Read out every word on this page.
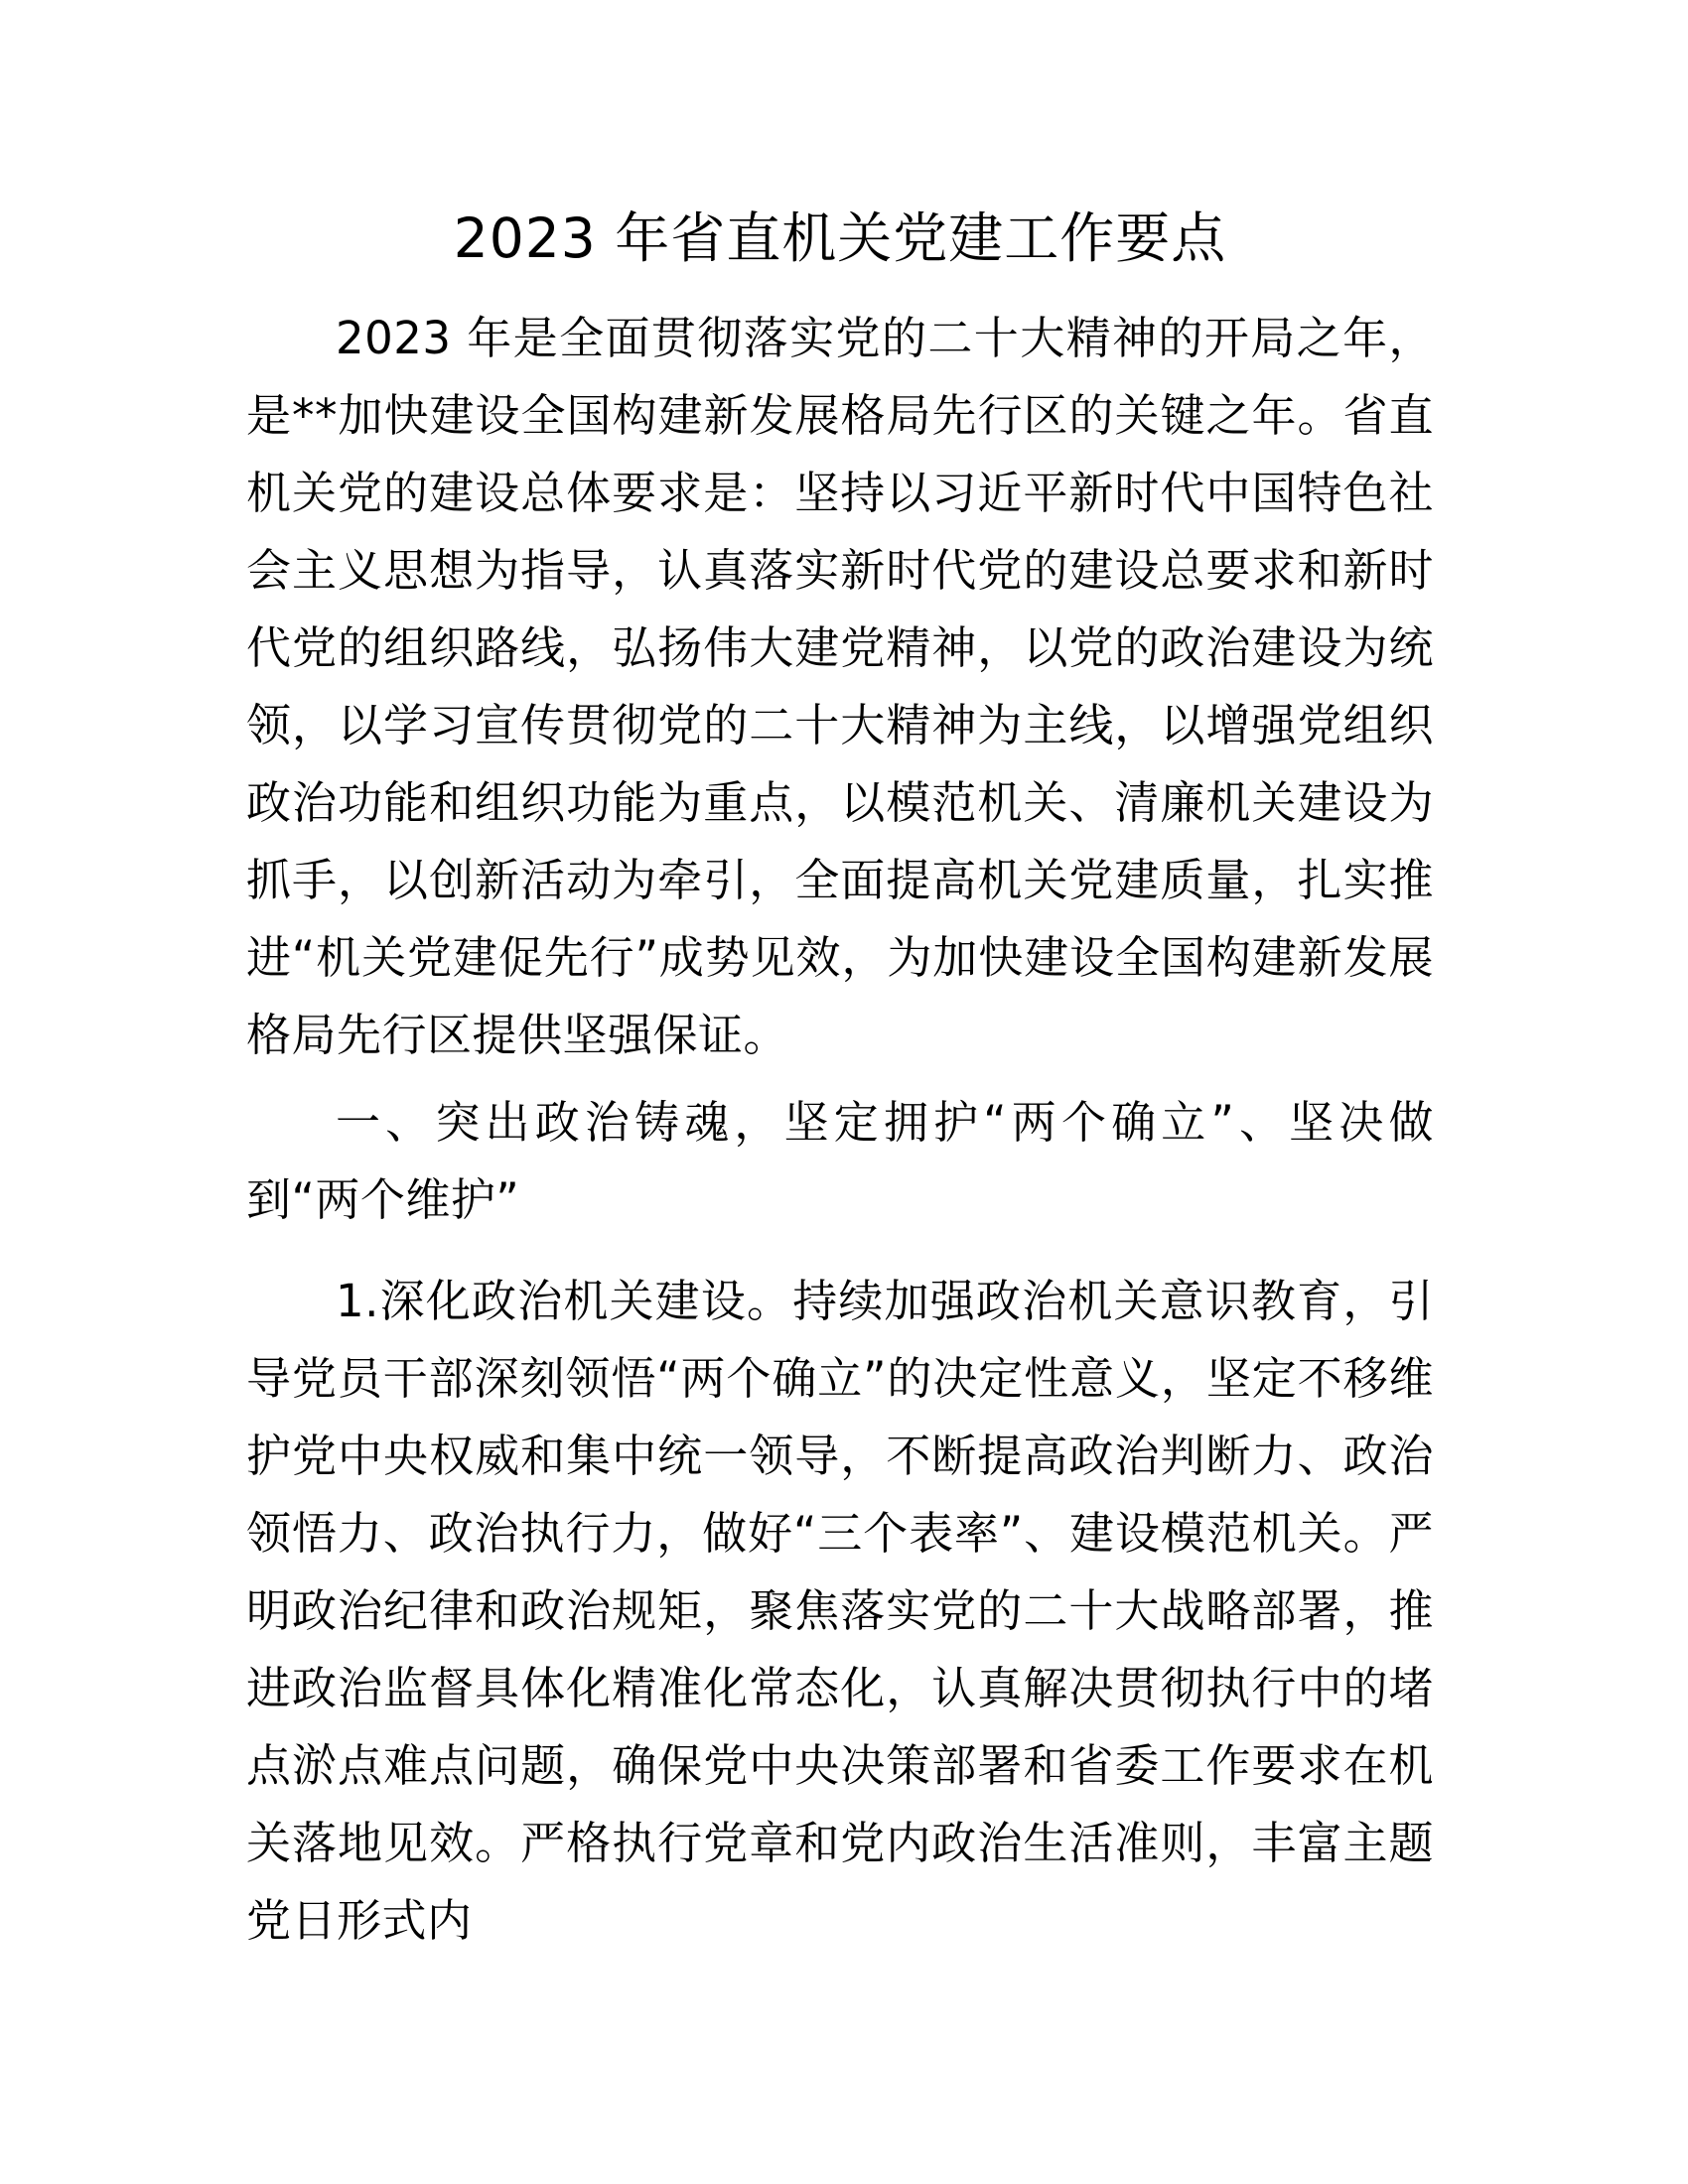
2023 年省直机关党建工作要点

2023 年是全面贯彻落实党的二十大精神的开局之年，是**加快建设全国构建新发展格局先行区的关键之年。省直机关党的建设总体要求是：坚持以习近平新时代中国特色社会主义思想为指导，认真落实新时代党的建设总要求和新时代党的组织路线，弘扬伟大建党精神，以党的政治建设为统领，以学习宣传贯彻党的二十大精神为主线，以增强党组织政治功能和组织功能为重点，以模范机关、清廉机关建设为抓手，以创新活动为牵引，全面提高机关党建质量，扎实推进“机关党建促先行”成势见效，为加快建设全国构建新发展格局先行区提供坚强保证。

一、突出政治铸魂，坚定拥护“两个确立”、坚决做到“两个维护”

1.深化政治机关建设。持续加强政治机关意识教育，引导党员干部深刻领悟“两个确立”的决定性意义，坚定不移维护党中央权威和集中统一领导，不断提高政治判断力、政治领悟力、政治执行力，做好“三个表率”、建设模范机关。严明政治纪律和政治规矩，聚焦落实党的二十大战略部署，推进政治监督具体化精准化常态化，认真解决贯彻执行中的堵点淤点难点问题，确保党中央决策部署和省委工作要求在机关落地见效。严格执行党章和党内政治生活准则，丰富主题党日形式内
